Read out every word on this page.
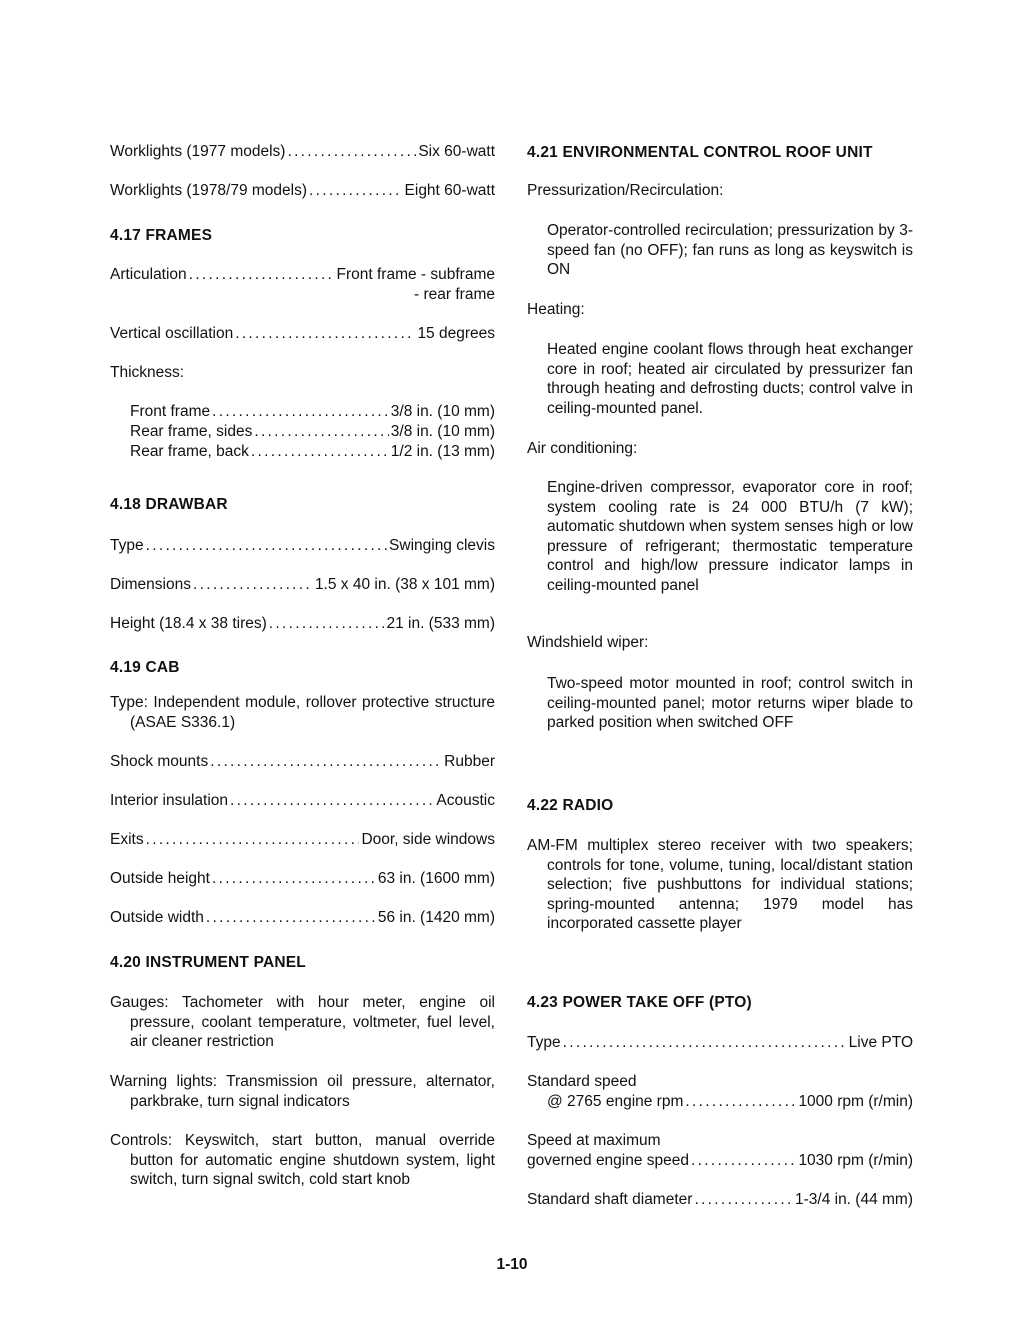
Worklights (1977 models) . . .	Six 60-watt
Worklights (1978/79 models) . . .	Eight 60-watt
4.17 FRAMES
Articulation . . .	Front frame - subframe
- rear frame
Vertical oscillation . . .	15 degrees
Thickness:
Front frame . . .	3/8 in. (10 mm)
Rear frame, sides . . .	3/8 in. (10 mm)
Rear frame, back . . .	1/2 in. (13 mm)
4.18 DRAWBAR
Type . . .	Swinging clevis
Dimensions . . .	1.5 x 40 in. (38 x 101 mm)
Height (18.4 x 38 tires) . . .	21 in. (533 mm)
4.19 CAB
Type: Independent module, rollover protective structure (ASAE S336.1)
Shock mounts . . .	Rubber
Interior insulation . . .	Acoustic
Exits . . .	Door, side windows
Outside height . . .	63 in. (1600 mm)
Outside width . . .	56 in. (1420 mm)
4.20 INSTRUMENT PANEL
Gauges: Tachometer with hour meter, engine oil pressure, coolant temperature, voltmeter, fuel level, air cleaner restriction
Warning lights: Transmission oil pressure, alternator, parkbrake, turn signal indicators
Controls: Keyswitch, start button, manual override button for automatic engine shutdown system, light switch, turn signal switch, cold start knob
4.21 ENVIRONMENTAL CONTROL ROOF UNIT
Pressurization/Recirculation:
Operator-controlled recirculation; pressurization by 3-speed fan (no OFF); fan runs as long as keyswitch is ON
Heating:
Heated engine coolant flows through heat exchanger core in roof; heated air circulated by pressurizer fan through heating and defrosting ducts; control valve in ceiling-mounted panel.
Air conditioning:
Engine-driven compressor, evaporator core in roof; system cooling rate is 24 000 BTU/h (7 kW); automatic shutdown when system senses high or low pressure of refrigerant; thermostatic temperature control and high/low pressure indicator lamps in ceiling-mounted panel
Windshield wiper:
Two-speed motor mounted in roof; control switch in ceiling-mounted panel; motor returns wiper blade to parked position when switched OFF
4.22 RADIO
AM-FM multiplex stereo receiver with two speakers; controls for tone, volume, tuning, local/distant station selection; five pushbuttons for individual stations; spring-mounted antenna; 1979 model has incorporated cassette player
4.23 POWER TAKE OFF (PTO)
Type . . .	Live PTO
Standard speed
@ 2765 engine rpm . . .	1000 rpm (r/min)
Speed at maximum
governed engine speed . . .	1030 rpm (r/min)
Standard shaft diameter . . .	1-3/4 in. (44 mm)
1-10
